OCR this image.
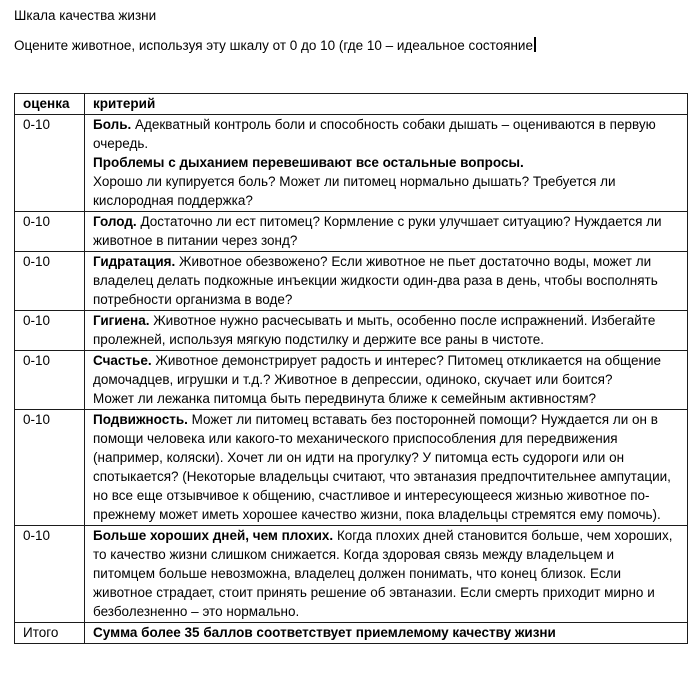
Шкала качества жизни

Оцените животное, используя эту шкалу от 0 до 10 (где 10 – идеальное состояние

оценка	критерий
0-10	Боль. Адекватный контроль боли и способность собаки дышать – оцениваются в первую очередь.
Проблемы с дыханием перевешивают все остальные вопросы.
Хорошо ли купируется боль? Может ли питомец нормально дышать? Требуется ли кислородная поддержка?

0-10	Голод. Достаточно ли ест питомец? Кормление с руки улучшает ситуацию? Нуждается ли животное в питании через зонд?

0-10	Гидратация. Животное обезвожено? Если животное не пьет достаточно воды, может ли владелец делать подкожные инъекции жидкости один-два раза в день, чтобы восполнять потребности организма в воде?

0-10	Гигиена. Животное нужно расчесывать и мыть, особенно после испражнений. Избегайте пролежней, используя мягкую подстилку и держите все раны в чистоте.

0-10	Счастье. Животное демонстрирует радость и интерес? Питомец откликается на общение домочадцев, игрушки и т.д.? Животное в депрессии, одиноко, скучает или боится?
Может ли лежанка питомца быть передвинута ближе к семейным активностям?

0-10	Подвижность. Может ли питомец вставать без посторонней помощи? Нуждается ли он в помощи человека или какого-то механического приспособления для передвижения (например, коляски). Хочет ли он идти на прогулку? У питомца есть судороги или он спотыкается? (Некоторые владельцы считают, что эвтаназия предпочтительнее ампутации, но все еще отзывчивое к общению, счастливое и интересующееся жизнью животное по-прежнему может иметь хорошее качество жизни, пока владельцы стремятся ему помочь).

0-10	Больше хороших дней, чем плохих. Когда плохих дней становится больше, чем хороших, то качество жизни слишком снижается. Когда здоровая связь между владельцем и питомцем больше невозможна, владелец должен понимать, что конец близок. Если животное страдает, стоит принять решение об эвтаназии. Если смерть приходит мирно и безболезненно – это нормально.

Итого	Сумма более 35 баллов соответствует приемлемому качеству жизни
